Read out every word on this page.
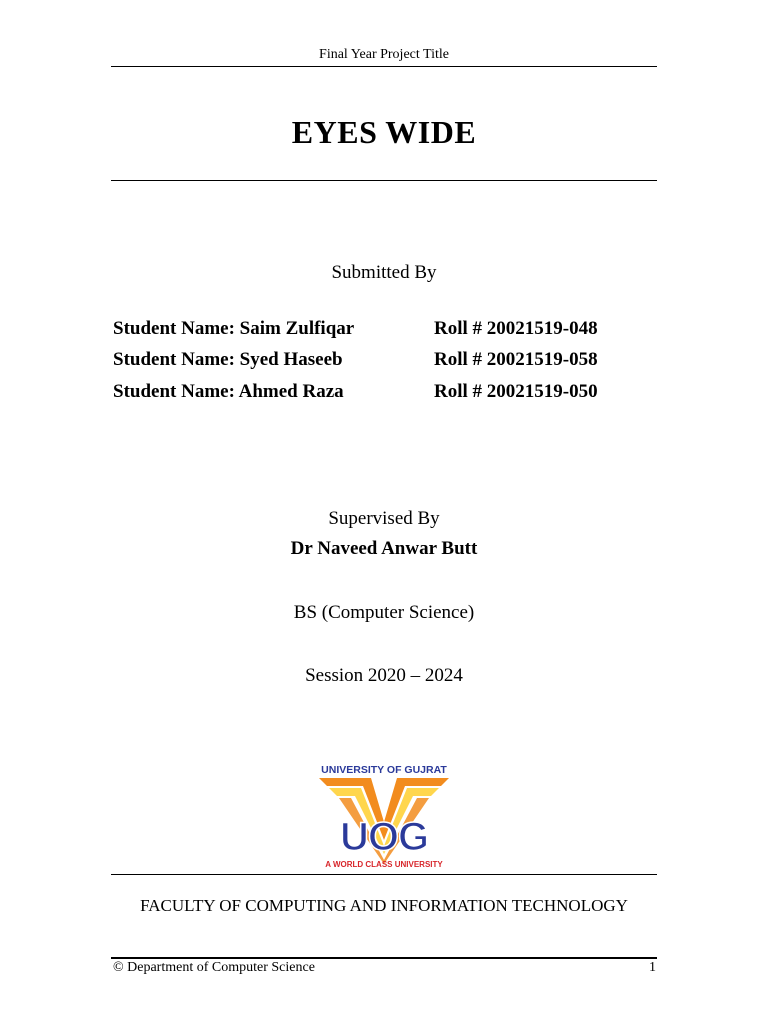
Final Year Project Title
EYES WIDE
Submitted By
Student Name: Saim Zulfiqar	Roll # 20021519-048
Student Name: Syed Haseeb	Roll # 20021519-058
Student Name: Ahmed Raza	Roll # 20021519-050
Supervised By
Dr Naveed Anwar Butt
BS (Computer Science)
Session 2020 – 2024
UNIVERSITY OF GUJRAT
UOG
A WORLD CLASS UNIVERSITY
FACULTY OF COMPUTING AND INFORMATION TECHNOLOGY
© Department of Computer Science	1
